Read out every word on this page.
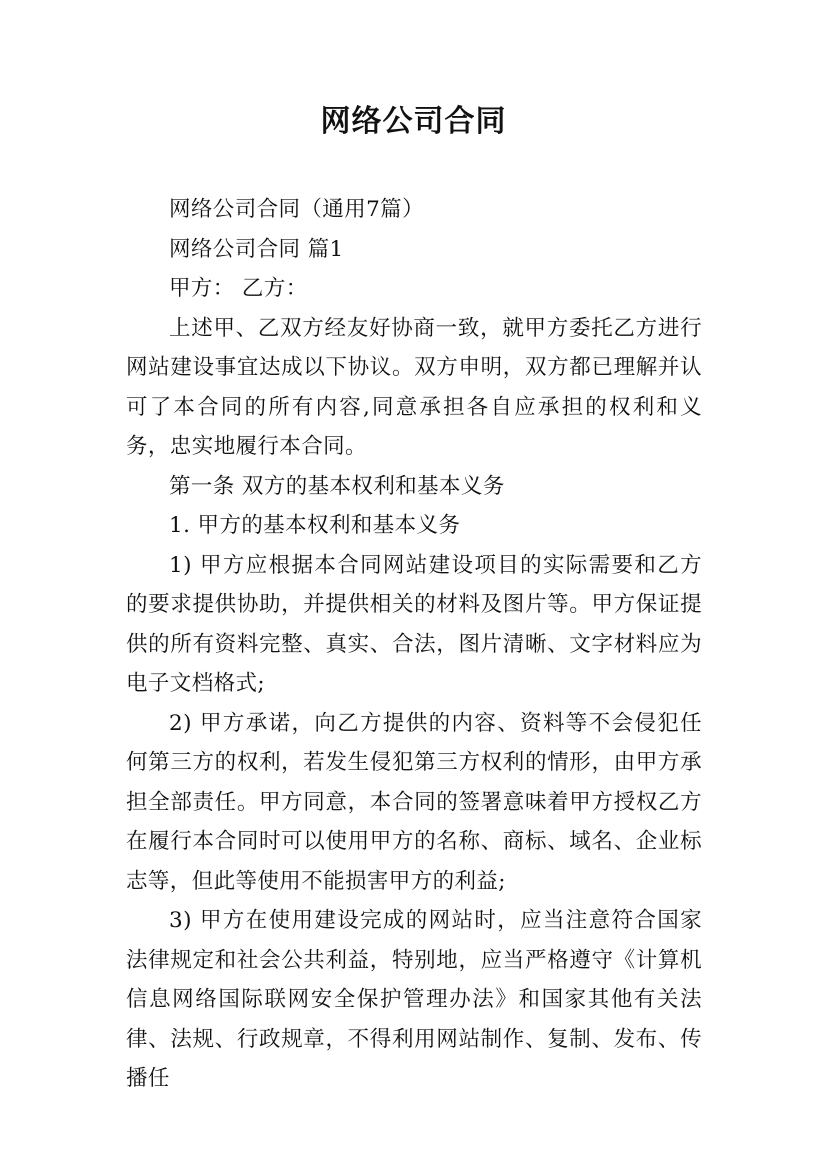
网络公司合同

网络公司合同（通用7篇）

网络公司合同 篇1

甲方： 乙方：

上述甲、乙双方经友好协商一致，就甲方委托乙方进行网站建设事宜达成以下协议。双方申明，双方都已理解并认可了本合同的所有内容,同意承担各自应承担的权利和义务，忠实地履行本合同。

第一条 双方的基本权利和基本义务

1. 甲方的基本权利和基本义务

1) 甲方应根据本合同网站建设项目的实际需要和乙方的要求提供协助，并提供相关的材料及图片等。甲方保证提供的所有资料完整、真实、合法，图片清晰、文字材料应为电子文档格式;

2) 甲方承诺，向乙方提供的内容、资料等不会侵犯任何第三方的权利，若发生侵犯第三方权利的情形，由甲方承担全部责任。甲方同意，本合同的签署意味着甲方授权乙方在履行本合同时可以使用甲方的名称、商标、域名、企业标志等，但此等使用不能损害甲方的利益;

3) 甲方在使用建设完成的网站时，应当注意符合国家法律规定和社会公共利益，特别地，应当严格遵守《计算机信息网络国际联网安全保护管理办法》和国家其他有关法律、法规、行政规章，不得利用网站制作、复制、发布、传播任
